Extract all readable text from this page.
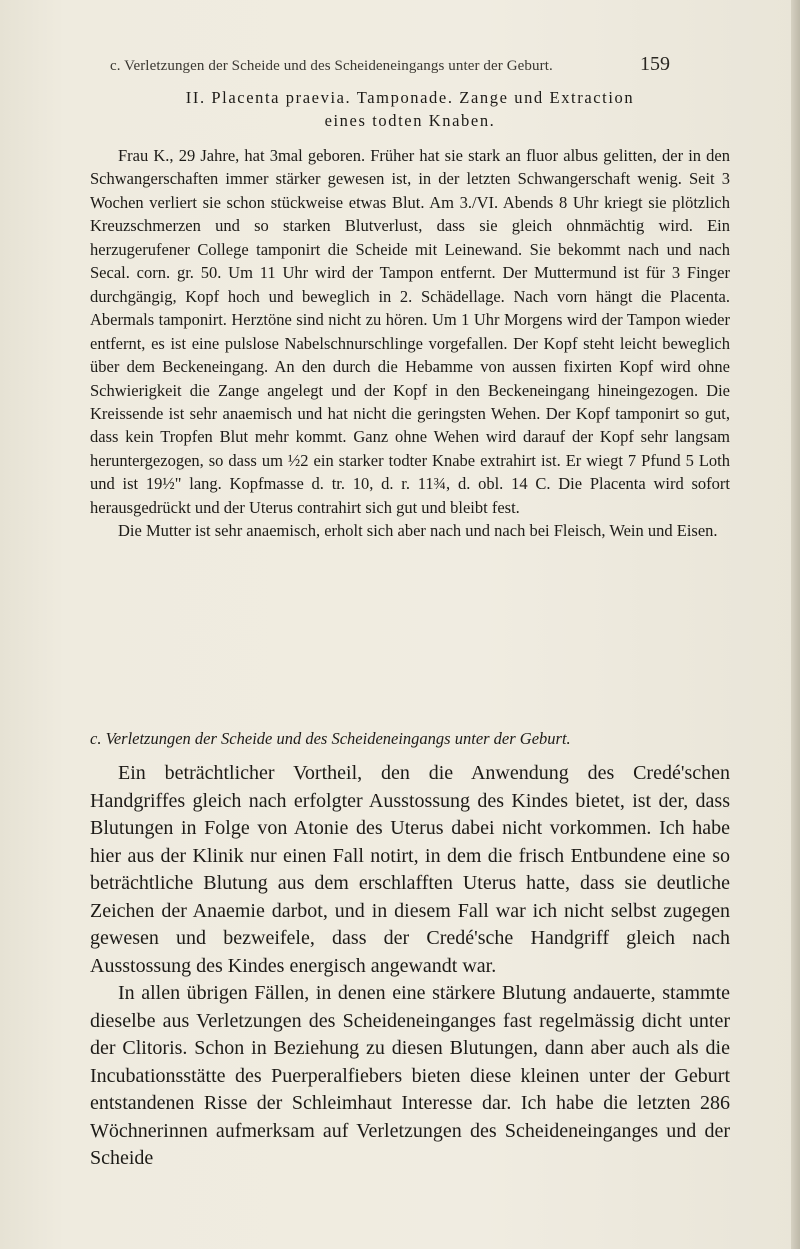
c. Verletzungen der Scheide und des Scheideneingangs unter der Geburt.	159
II. Placenta praevia. Tamponade. Zange und Extraction
eines todten Knaben.

Frau K., 29 Jahre, hat 3mal geboren. Früher hat sie stark an fluor albus gelitten, der in den Schwangerschaften immer stärker gewesen ist, in der letzten Schwangerschaft wenig. Seit 3 Wochen verliert sie schon stückweise etwas Blut. Am 3./VI. Abends 8 Uhr kriegt sie plötzlich Kreuzschmerzen und so starken Blutverlust, dass sie gleich ohnmächtig wird. Ein herzugerufener College tamponirt die Scheide mit Leinewand. Sie bekommt nach und nach Secal. corn. gr. 50. Um 11 Uhr wird der Tampon entfernt. Der Muttermund ist für 3 Finger durchgängig, Kopf hoch und beweglich in 2. Schädellage. Nach vorn hängt die Placenta. Abermals tamponirt. Herztöne sind nicht zu hören. Um 1 Uhr Morgens wird der Tampon wieder entfernt, es ist eine pulslose Nabelschnurschlinge vorgefallen. Der Kopf steht leicht beweglich über dem Beckeneingang. An den durch die Hebamme von aussen fixirten Kopf wird ohne Schwierigkeit die Zange angelegt und der Kopf in den Beckeneingang hineingezogen. Die Kreissende ist sehr anaemisch und hat nicht die geringsten Wehen. Der Kopf tamponirt so gut, dass kein Tropfen Blut mehr kommt. Ganz ohne Wehen wird darauf der Kopf sehr langsam heruntergezogen, so dass um ½2 ein starker todter Knabe extrahirt ist. Er wiegt 7 Pfund 5 Loth und ist 19½" lang. Kopfmasse d. tr. 10, d. r. 11¾, d. obl. 14 C. Die Placenta wird sofort herausgedrückt und der Uterus contrahirt sich gut und bleibt fest.

Die Mutter ist sehr anaemisch, erholt sich aber nach und nach bei Fleisch, Wein und Eisen.

c. Verletzungen der Scheide und des Scheideneingangs unter der Geburt.

Ein beträchtlicher Vortheil, den die Anwendung des Credé'schen Handgriffes gleich nach erfolgter Ausstossung des Kindes bietet, ist der, dass Blutungen in Folge von Atonie des Uterus dabei nicht vorkommen. Ich habe hier aus der Klinik nur einen Fall notirt, in dem die frisch Entbundene eine so beträchtliche Blutung aus dem erschlafften Uterus hatte, dass sie deutliche Zeichen der Anaemie darbot, und in diesem Fall war ich nicht selbst zugegen gewesen und bezweifele, dass der Credé'sche Handgriff gleich nach Ausstossung des Kindes energisch angewandt war.

In allen übrigen Fällen, in denen eine stärkere Blutung andauerte, stammte dieselbe aus Verletzungen des Scheideneinganges fast regelmässig dicht unter der Clitoris. Schon in Beziehung zu diesen Blutungen, dann aber auch als die Incubationsstätte des Puerperalfiebers bieten diese kleinen unter der Geburt entstandenen Risse der Schleimhaut Interesse dar. Ich habe die letzten 286 Wöchnerinnen aufmerksam auf Verletzungen des Scheideneinganges und der Scheide
